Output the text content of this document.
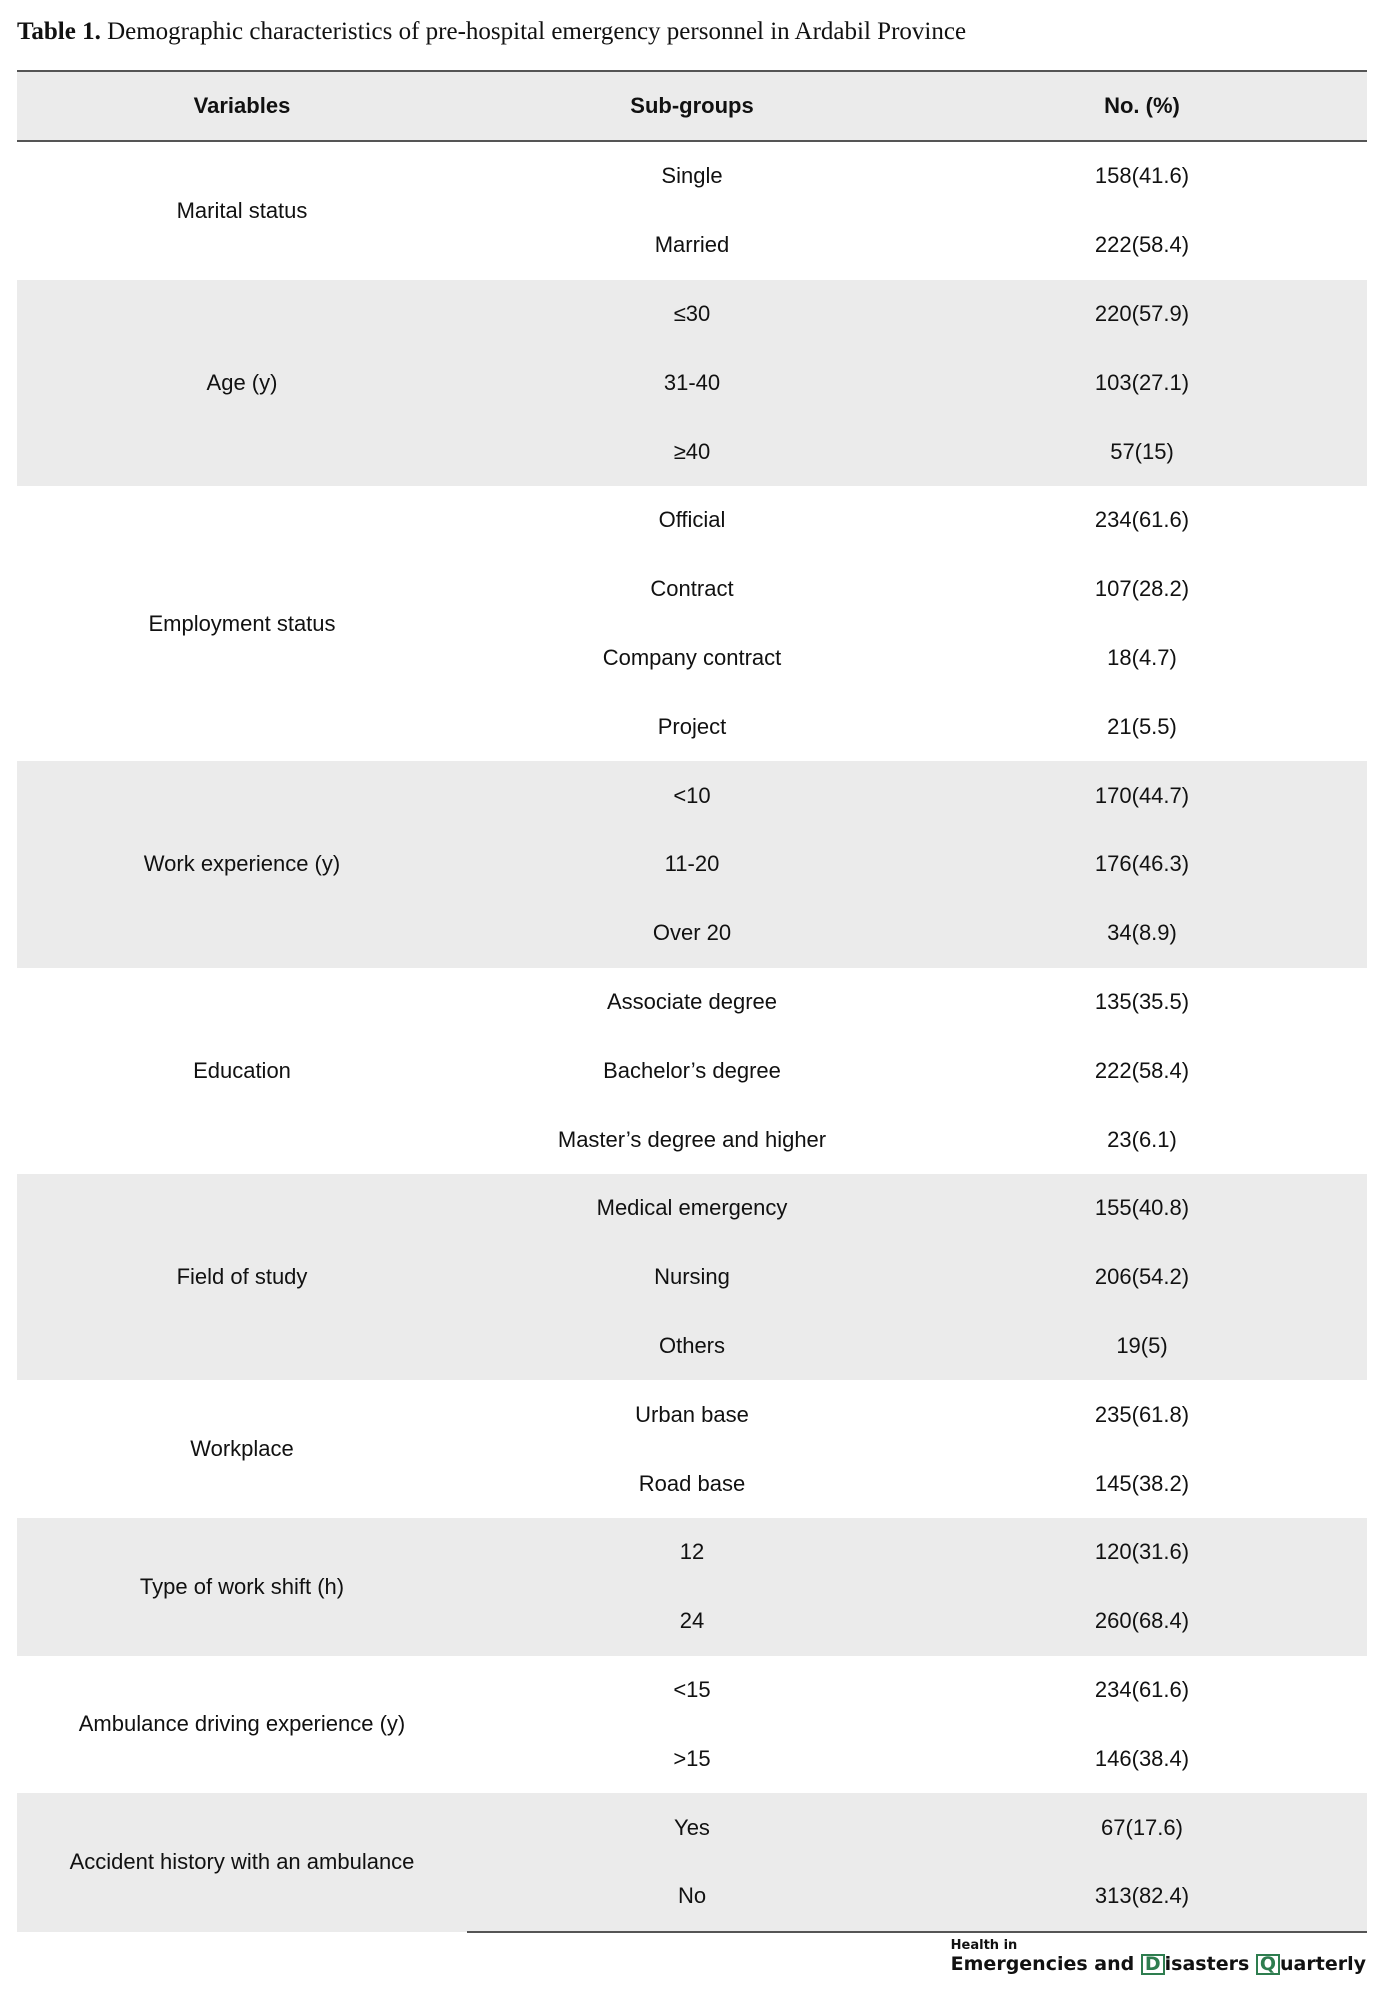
Table 1. Demographic characteristics of pre-hospital emergency personnel in Ardabil Province
Variables	Sub-groups	No. (%)
Marital status	Single	158(41.6)
	Married	222(58.4)
Age (y)	≤30	220(57.9)
	31-40	103(27.1)
	≥40	57(15)
Employment status	Official	234(61.6)
	Contract	107(28.2)
	Company contract	18(4.7)
	Project	21(5.5)
Work experience (y)	<10	170(44.7)
	11-20	176(46.3)
	Over 20	34(8.9)
Education	Associate degree	135(35.5)
	Bachelor’s degree	222(58.4)
	Master’s degree and higher	23(6.1)
Field of study	Medical emergency	155(40.8)
	Nursing	206(54.2)
	Others	19(5)
Workplace	Urban base	235(61.8)
	Road base	145(38.2)
Type of work shift (h)	12	120(31.6)
	24	260(68.4)
Ambulance driving experience (y)	<15	234(61.6)
	>15	146(38.4)
Accident history with an ambulance	Yes	67(17.6)
	No	313(82.4)
Health in
Emergencies and D isasters Q uarterly
